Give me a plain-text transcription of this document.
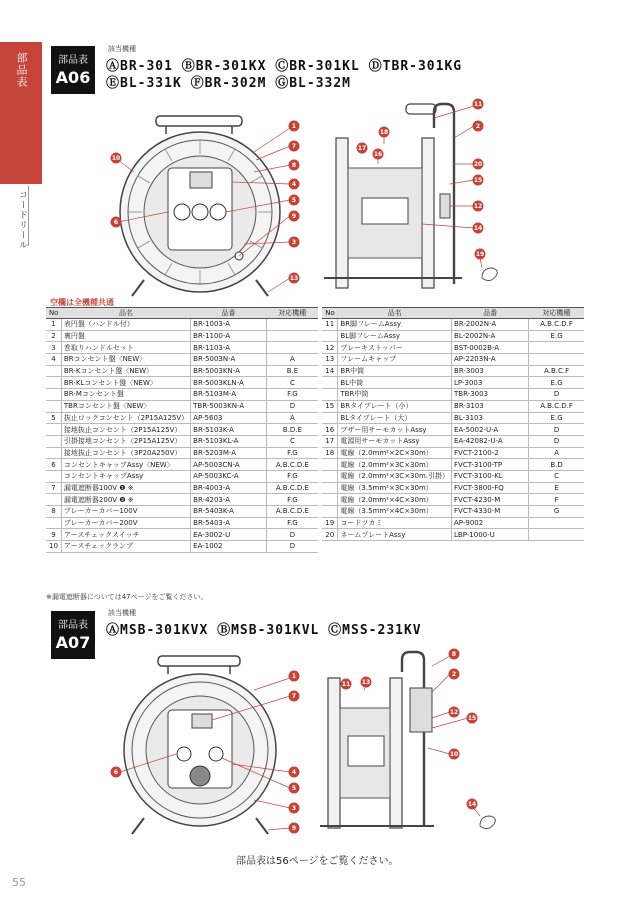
部品表
コードリール
部品表
A06
該当機種
ⒶBR-301 ⒷBR-301KX ⒸBR-301KL ⒹTBR-301KG
ⒺBL-331K ⒻBR-302M ⒼBL-332M
1
7
8
10
4
6
5
9
3
13
11
2
18
17
16
20
15
12
14
19
空欄は全機種共通
No	品名	品番	対応機種
1	表円盤（ハンドル付）	BR-1003-A	
2	裏円盤	BR-1100-A	
3	巻取りハンドルセット	BR-1103-A	
4	BRコンセント盤〈NEW〉	BR-5003N-A	A
	BR-Kコンセント盤〈NEW〉	BR-5003KN-A	B.E
	BR-KLコンセント盤〈NEW〉	BR-5003KLN-A	C
	BR-Mコンセント盤	BR-5103M-A	F.G
	TBRコンセント盤〈NEW〉	TBR-5003KN-A	D
5	抜止ロックコンセント（2P15A125V）	AP-5603	A
	接地抜止コンセント（2P15A125V）	BR-5103K-A	B.D.E
	引掛接地コンセント（2P15A125V）	BR-5103KL-A	C
	接地抜止コンセント（3P20A250V）	BR-5203M-A	F.G
6	コンセントキャップAssy〈NEW〉	AP-5003CN-A	A.B.C.D.E
	コンセントキャップAssy	AP-5003KC-A	F.G
7	漏電遮断器100V ❶ ※	BR-4003-A	A.B.C.D.E
	漏電遮断器200V ❷ ※	BR-4203-A	F.G
8	ブレーカーカバー100V	BR-5403K-A	A.B.C.D.E
	ブレーカーカバー200V	BR-5403-A	F.G
9	アースチェックスイッチ	EA-3002-U	D
10	アースチェックランプ	EA-1002	D
No	品名	品番	対応機種
11	BR脚フレームAssy	BR-2002N-A	A.B.C.D.F
	BL脚フレームAssy	BL-2002N-A	E.G
12	ブレーキストッパー	BST-0002B-A	
13	フレームキャップ	AP-2203N-A	
14	BR中筒	BR-3003	A.B.C.F
	BL中筒	LP-3003	E.G
	TBR中筒	TBR-3003	D
15	BRタイプレート（小）	BR-3103	A.B.C.D.F
	BLタイプレート（大）	BL-3103	E.G
16	ブザー用サーモカットAssy	EA-5002-U-A	D
17	電源用サーモカットAssy	EA-42082-U-A	D
18	電線（2.0mm²×2C×30m）	FVCT-2100-2	A
	電線（2.0mm²×3C×30m）	FVCT-3100-TP	B.D
	電線（2.0mm²×3C×30m.引掛）	FVCT-3100-KL	C
	電線（3.5mm²×3C×30m）	FVCT-3800-FQ	E
	電線（2.0mm²×4C×30m）	FVCT-4230-M	F
	電線（3.5mm²×4C×30m）	FVCT-4330-M	G
19	コードツカミ	AP-9002	
20	ネームプレートAssy	LBP-1000-U	
※漏電遮断器については47ページをご覧ください。
部品表
A07
該当機種
ⒶMSB-301KVX ⒷMSB-301KVL ⒸMSS-231KV
1
7
6	4
5
3
9
8
2
11 13
12
15
10
14
部品表は56ページをご覧ください。
55
